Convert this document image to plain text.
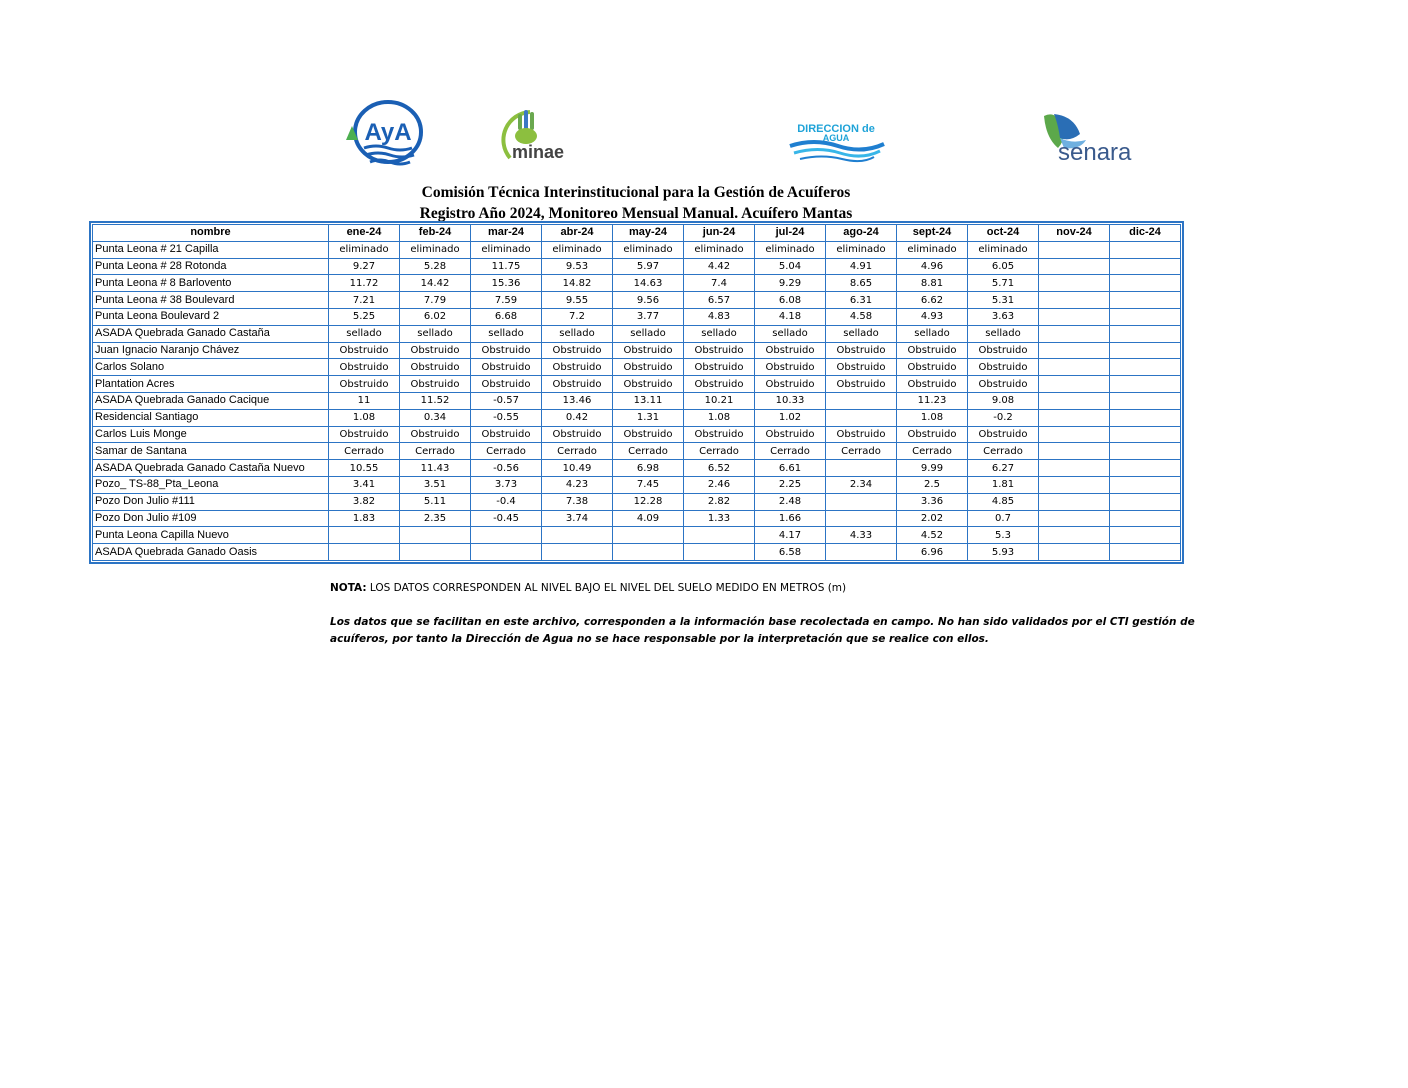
AyA
minae
DIRECCION de
AGUA
senara
Comisión Técnica Interinstitucional para la Gestión de Acuíferos
Registro Año 2024, Monitoreo Mensual Manual. Acuífero Mantas
nombre	ene-24	feb-24	mar-24	abr-24	may-24	jun-24	jul-24	ago-24	sept-24	oct-24	nov-24	dic-24
Punta Leona # 21 Capilla	eliminado	eliminado	eliminado	eliminado	eliminado	eliminado	eliminado	eliminado	eliminado	eliminado		
Punta Leona # 28 Rotonda	9.27	5.28	11.75	9.53	5.97	4.42	5.04	4.91	4.96	6.05		
Punta Leona # 8 Barlovento	11.72	14.42	15.36	14.82	14.63	7.4	9.29	8.65	8.81	5.71		
Punta Leona # 38 Boulevard	7.21	7.79	7.59	9.55	9.56	6.57	6.08	6.31	6.62	5.31		
Punta Leona Boulevard 2	5.25	6.02	6.68	7.2	3.77	4.83	4.18	4.58	4.93	3.63		
ASADA Quebrada Ganado Castaña	sellado	sellado	sellado	sellado	sellado	sellado	sellado	sellado	sellado	sellado		
Juan Ignacio Naranjo Chávez	Obstruido	Obstruido	Obstruido	Obstruido	Obstruido	Obstruido	Obstruido	Obstruido	Obstruido	Obstruido		
Carlos Solano	Obstruido	Obstruido	Obstruido	Obstruido	Obstruido	Obstruido	Obstruido	Obstruido	Obstruido	Obstruido		
Plantation Acres	Obstruido	Obstruido	Obstruido	Obstruido	Obstruido	Obstruido	Obstruido	Obstruido	Obstruido	Obstruido		
ASADA Quebrada Ganado Cacique	11	11.52	-0.57	13.46	13.11	10.21	10.33		11.23	9.08		
Residencial Santiago	1.08	0.34	-0.55	0.42	1.31	1.08	1.02		1.08	-0.2		
Carlos Luis Monge	Obstruido	Obstruido	Obstruido	Obstruido	Obstruido	Obstruido	Obstruido	Obstruido	Obstruido	Obstruido		
Samar de Santana	Cerrado	Cerrado	Cerrado	Cerrado	Cerrado	Cerrado	Cerrado	Cerrado	Cerrado	Cerrado		
ASADA Quebrada Ganado Castaña Nuevo	10.55	11.43	-0.56	10.49	6.98	6.52	6.61		9.99	6.27		
Pozo_ TS-88_Pta_Leona	3.41	3.51	3.73	4.23	7.45	2.46	2.25	2.34	2.5	1.81		
Pozo Don Julio #111	3.82	5.11	-0.4	7.38	12.28	2.82	2.48		3.36	4.85		
Pozo Don Julio #109	1.83	2.35	-0.45	3.74	4.09	1.33	1.66		2.02	0.7		
Punta Leona Capilla Nuevo							4.17	4.33	4.52	5.3		
ASADA Quebrada Ganado Oasis							6.58		6.96	5.93		
NOTA: LOS DATOS CORRESPONDEN AL NIVEL BAJO EL NIVEL DEL SUELO MEDIDO EN METROS (m)
Los datos que se facilitan en este archivo, corresponden a la información base recolectada en campo. No han sido validados por el CTI gestión de acuíferos, por tanto la Dirección de Agua no se hace responsable por la interpretación que se realice con ellos.
